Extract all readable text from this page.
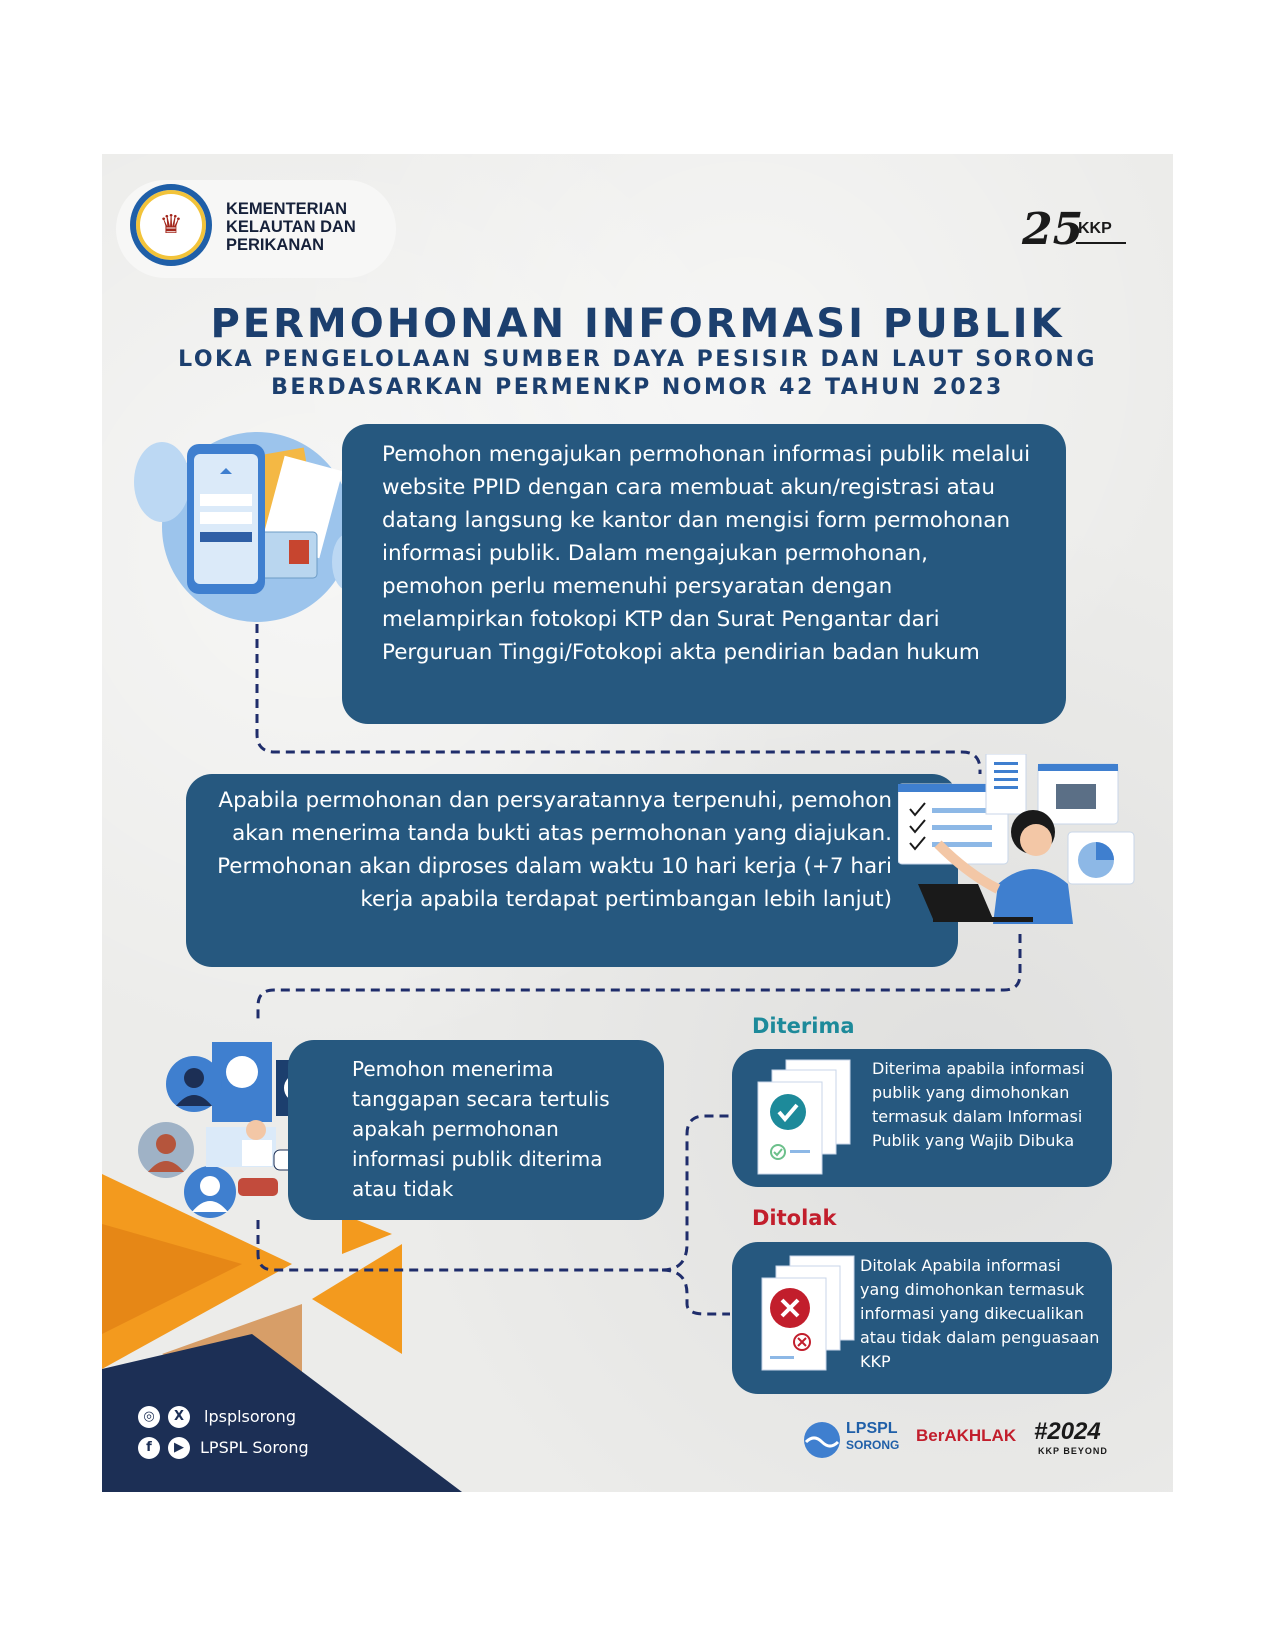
♛
KEMENTERIAN
KELAUTAN DAN
PERIKANAN	25
KKP
PERMOHONAN INFORMASI PUBLIK
LOKA PENGELOLAAN SUMBER DAYA PESISIR DAN LAUT SORONG
BERDASARKAN PERMENKP NOMOR 42 TAHUN 2023
Pemohon mengajukan permohonan informasi publik melalui website PPID dengan cara membuat akun/registrasi atau datang langsung ke kantor dan mengisi form permohonan informasi publik. Dalam mengajukan permohonan, pemohon perlu memenuhi persyaratan dengan melampirkan fotokopi KTP dan Surat Pengantar dari Perguruan Tinggi/Fotokopi akta pendirian badan hukum
Apabila permohonan dan persyaratannya terpenuhi, pemohon akan menerima tanda bukti atas permohonan yang diajukan. Permohonan akan diproses dalam waktu 10 hari kerja (+7 hari kerja apabila terdapat pertimbangan lebih lanjut)
Pemohon menerima tanggapan secara tertulis apakah permohonan informasi publik diterima atau tidak
Diterima
Diterima apabila informasi publik yang dimohonkan termasuk dalam Informasi Publik yang Wajib Dibuka
Ditolak
Ditolak Apabila informasi yang dimohonkan termasuk informasi yang dikecualikan atau tidak dalam penguasaan KKP
◎	X	lpsplsorong
f	▶	LPSPL Sorong
LPSPL
SORONG BerAKHLAK #2024
KKP BEYOND
